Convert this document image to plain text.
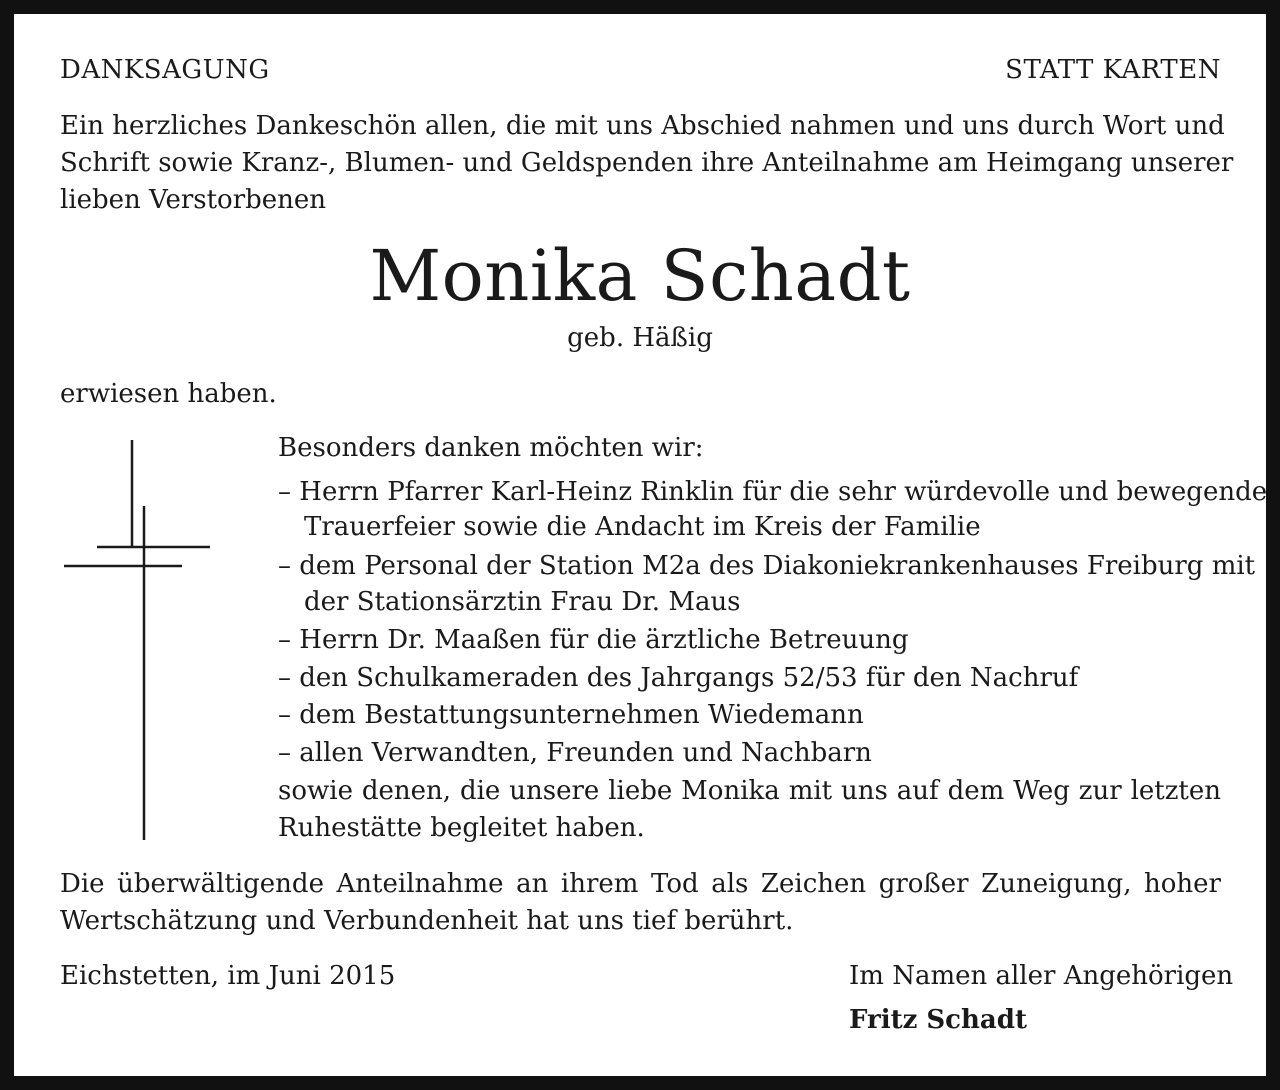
DANKSAGUNG	STATT KARTEN
Ein herzliches Dankeschön allen, die mit uns Abschied nahmen und uns durch Wort und
Schrift sowie Kranz-, Blumen- und Geldspenden ihre Anteilnahme am Heimgang unserer
lieben Verstorbenen
Monika Schadt
geb. Häßig
erwiesen haben.
Besonders danken möchten wir:
– Herrn Pfarrer Karl-Heinz Rinklin für die sehr würdevolle und bewegende
Trauerfeier sowie die Andacht im Kreis der Familie
– dem Personal der Station M2a des Diakoniekrankenhauses Freiburg mit
der Stationsärztin Frau Dr. Maus
– Herrn Dr. Maaßen für die ärztliche Betreuung
– den Schulkameraden des Jahrgangs 52/53 für den Nachruf
– dem Bestattungsunternehmen Wiedemann
– allen Verwandten, Freunden und Nachbarn
sowie denen, die unsere liebe Monika mit uns auf dem Weg zur letzten
Ruhestätte begleitet haben.
Die überwältigende Anteilnahme an ihrem Tod als Zeichen großer Zuneigung, hoher
Wertschätzung und Verbundenheit hat uns tief berührt.
Eichstetten, im Juni 2015	Im Namen aller Angehörigen
Fritz Schadt
